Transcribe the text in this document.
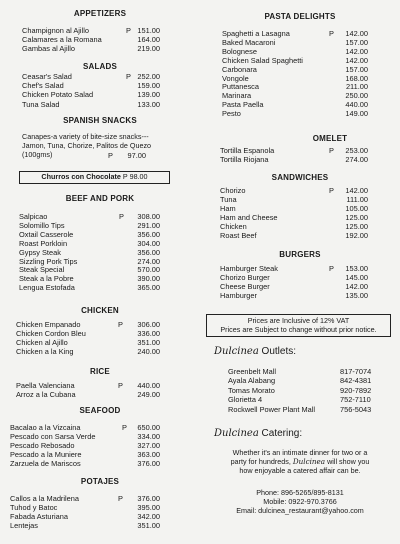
APPETIZERS
Champignon al Ajillo	P 151.00
Calamares a la Romana	164.00
Gambas al Ajillo	219.00
SALADS
Ceasar's Salad	P 252.00
Chef's Salad	159.00
Chicken Potato Salad	139.00
Tuna Salad	133.00
SPANISH SNACKS
Canapes-a variety of bite-size snacks---
Jamon, Tuna, Chorize, Palitos de Quezo
(100gms)	P	97.00
Churros con Chocolate P 98.00
BEEF AND PORK
Salpicao	P	308.00
Solomillo Tips	291.00
Oxtail Casserole	356.00
Roast Porkloin	304.00
Gypsy Steak	356.00
Sizzling Pork Tips	274.00
Steak Special	570.00
Steak a la Pobre	390.00
Lengua Estofada	365.00
CHICKEN
Chicken Empanado	P	306.00
Chicken Cordon Bleu	336.00
Chicken al Ajillo	351.00
Chicken a la King	240.00
RICE
Paella Valenciana	P	440.00
Arroz a la Cubana	249.00
SEAFOOD
Bacalao a la Vizcaina	P	650.00
Pescado con Sarsa Verde	334.00
Pescado Rebosado	327.00
Pescado a la Muniere	363.00
Zarzuela de Mariscos	376.00
POTAJES
Callos a la Madrilena	P	376.00
Tuhod y Batoc	395.00
Fabada Asturiana	342.00
Lentejas	351.00
PASTA DELIGHTS
Spaghetti a Lasagna	P	142.00
Baked Macaroni	157.00
Bolognese	142.00
Chicken Salad Spaghetti	142.00
Carbonara	157.00
Vongole	168.00
Puttanesca	211.00
Marinara	250.00
Pasta Paella	440.00
Pesto	149.00
OMELET
Tortilla Espanola	P	253.00
Tortilla Riojana	274.00
SANDWICHES
Chorizo	P	142.00
Tuna	111.00
Ham	105.00
Ham and Cheese	125.00
Chicken	125.00
Roast Beef	192.00
BURGERS
Hamburger Steak	P	153.00
Chorizo Burger	145.00
Cheese Burger	142.00
Hamburger	135.00
Prices are Inclusive of 12% VAT
Prices are Subject to change without prior notice.
Dulcinea Outlets:
Greenbelt Mall	817-7074
Ayala Alabang	842-4381
Tomas Morato	920-7892
Glorietta 4	752-7110
Rockwell Power Plant Mall	756-5043
Dulcinea Catering:
Whether it's an intimate dinner for two or a
party for hundreds, Dulcinea will show you
how enjoyable a catered affair can be.
Phone: 896-5265/895-8131
Mobile: 0922-970.3766
Email: dulcinea_restaurant@yahoo.com
